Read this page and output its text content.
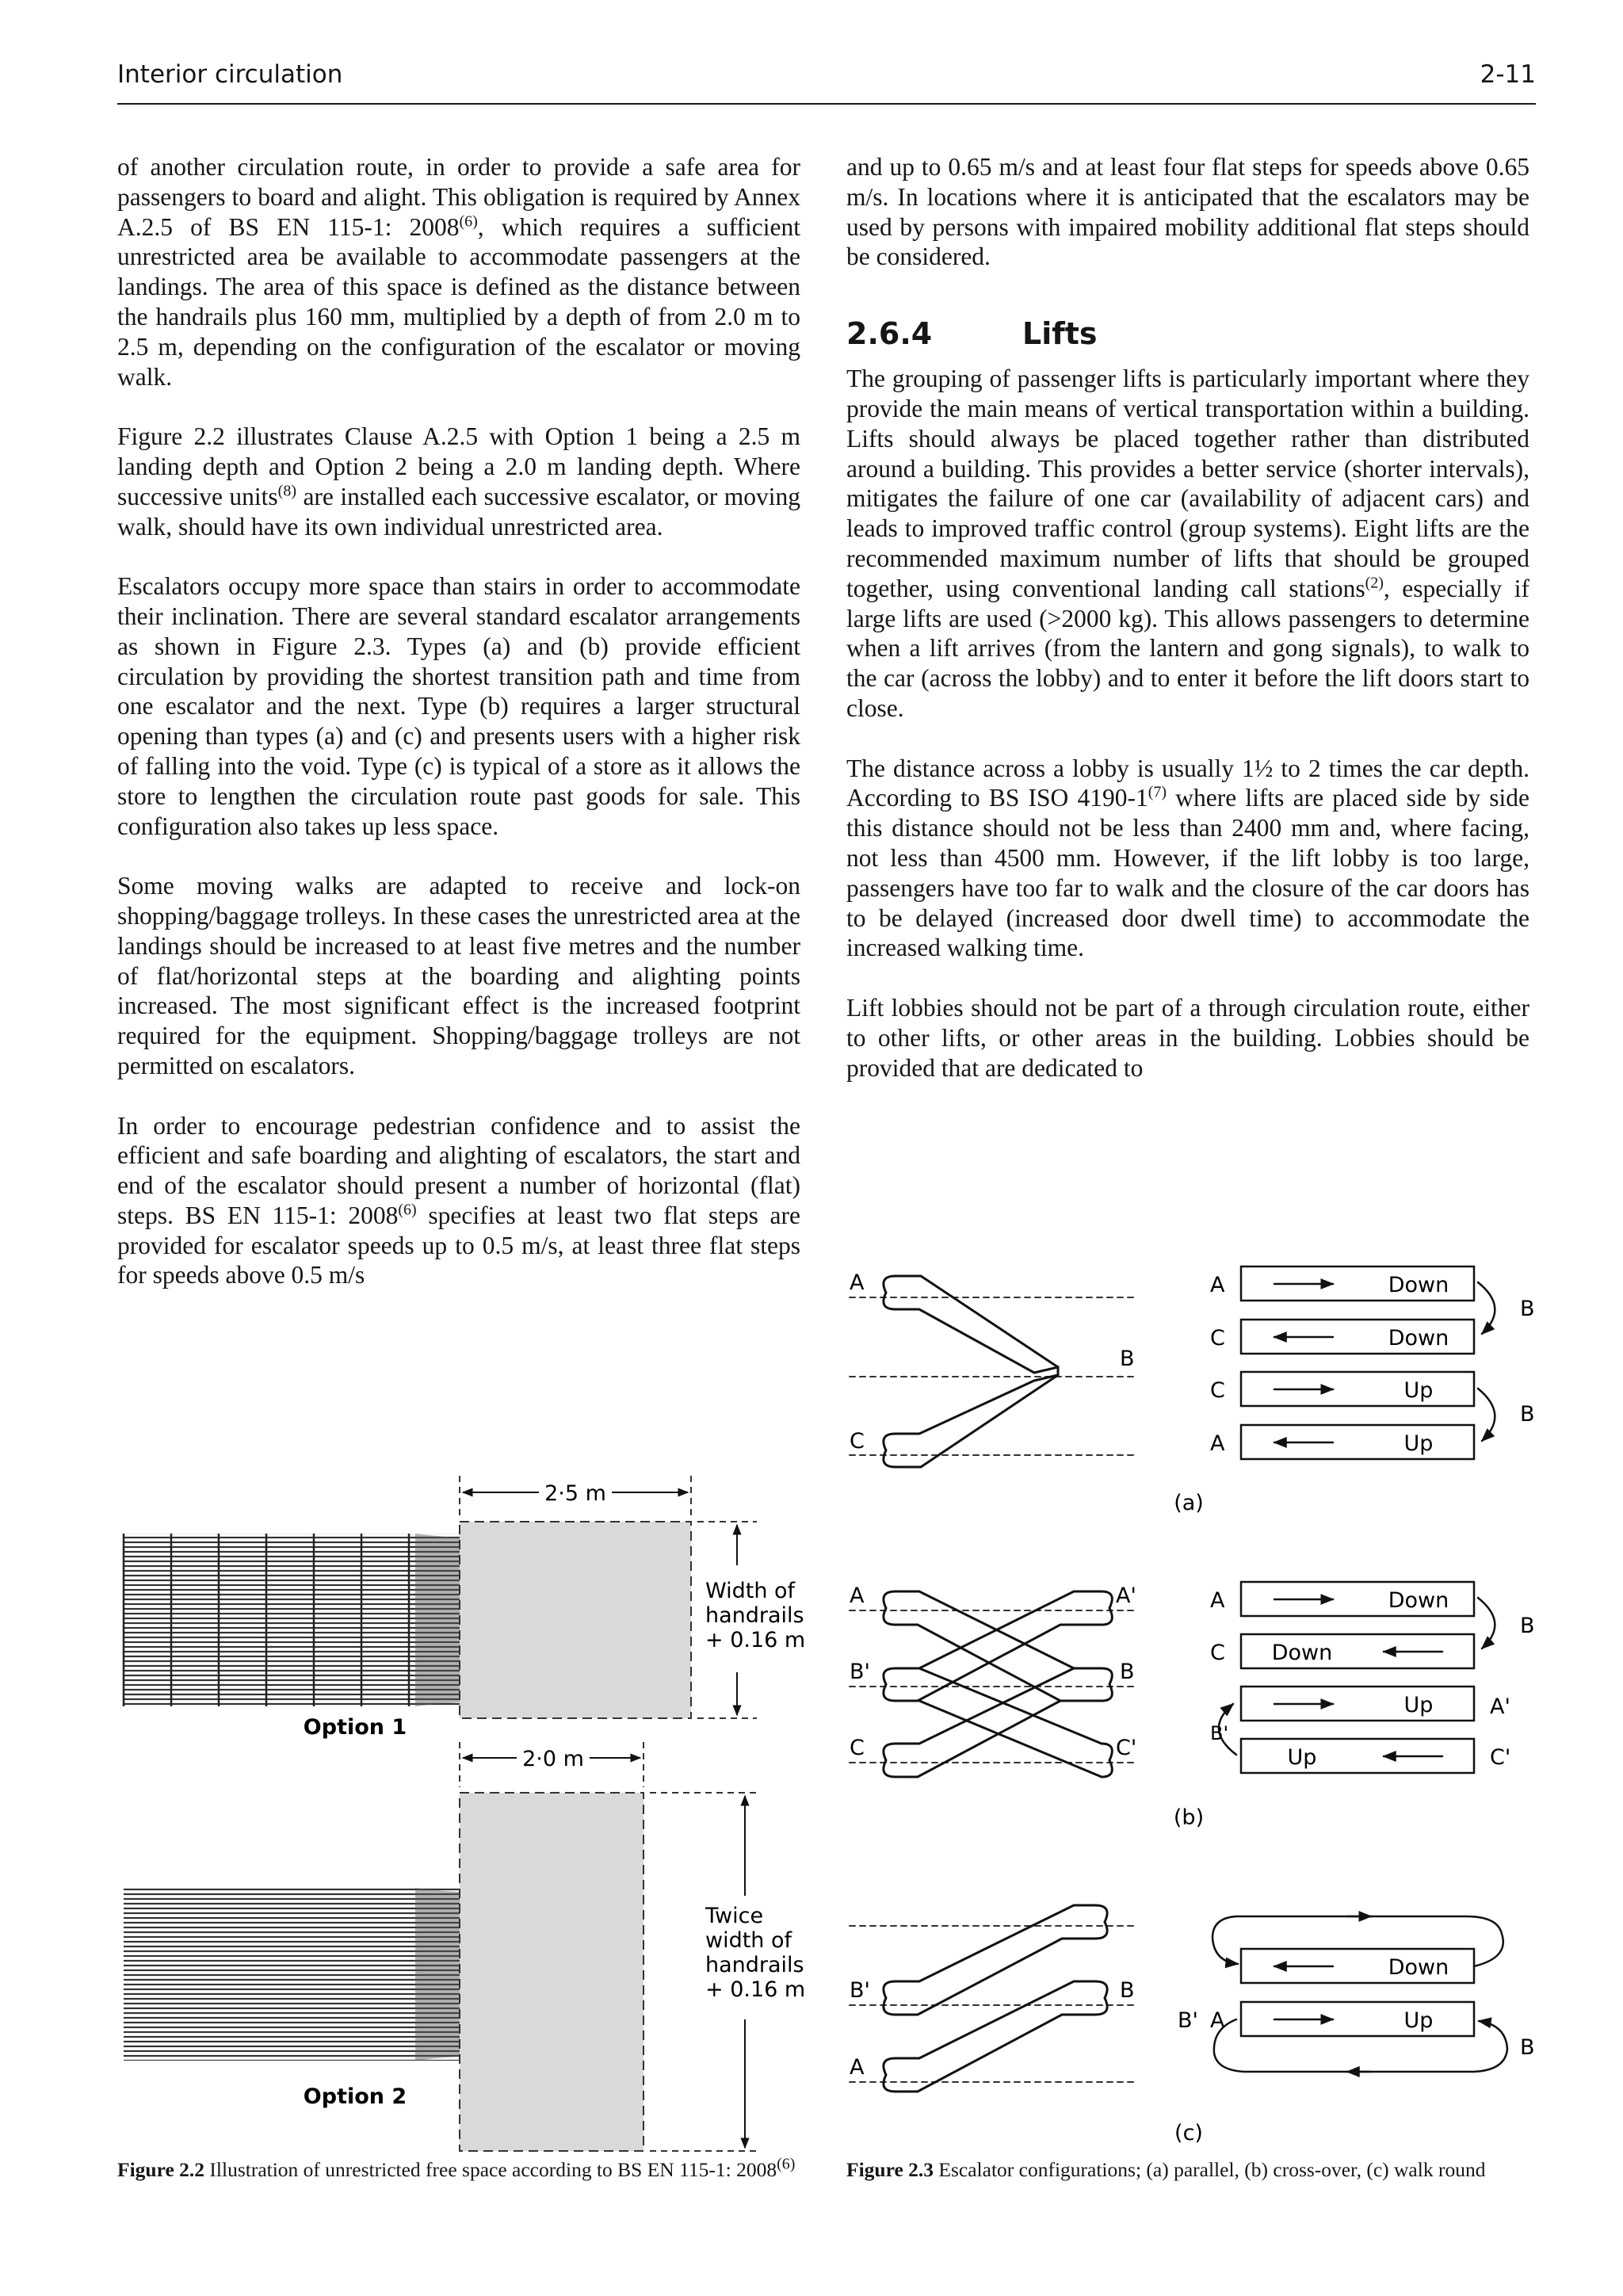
Interior circulation	2-11

of another circulation route, in order to provide a safe area for passengers to board and alight. This obligation is required by Annex A.2.5 of BS EN 115-1: 2008$^{(6)}$, which requires a sufficient unrestricted area be available to accommodate passengers at the landings. The area of this space is defined as the distance between the handrails plus 160 mm, multiplied by a depth of from 2.0 m to 2.5 m, depending on the configuration of the escalator or moving walk.

Figure 2.2 illustrates Clause A.2.5 with Option 1 being a 2.5 m landing depth and Option 2 being a 2.0 m landing depth. Where successive units$^{(8)}$ are installed each successive escalator, or moving walk, should have its own individual unrestricted area.

Escalators occupy more space than stairs in order to accommodate their inclination. There are several standard escalator arrangements as shown in Figure 2.3. Types (a) and (b) provide efficient circulation by providing the shortest transition path and time from one escalator and the next. Type (b) requires a larger structural opening than types (a) and (c) and presents users with a higher risk of falling into the void. Type (c) is typical of a store as it allows the store to lengthen the circulation route past goods for sale. This configuration also takes up less space.

Some moving walks are adapted to receive and lock-on shopping/baggage trolleys. In these cases the unrestricted area at the landings should be increased to at least five metres and the number of flat/horizontal steps at the boarding and alighting points increased. The most significant effect is the increased footprint required for the equipment. Shopping/baggage trolleys are not permitted on escalators.

In order to encourage pedestrian confidence and to assist the efficient and safe boarding and alighting of escalators, the start and end of the escalator should present a number of horizontal (flat) steps. BS EN 115-1: 2008$^{(6)}$ specifies at least two flat steps are provided for escalator speeds up to 0.5 m/s, at least three flat steps for speeds above 0.5 m/s

and up to 0.65 m/s and at least four flat steps for speeds above 0.65 m/s. In locations where it is anticipated that the escalators may be used by persons with impaired mobility additional flat steps should be considered.

2.6.4	Lifts

The grouping of passenger lifts is particularly important where they provide the main means of vertical transportation within a building. Lifts should always be placed together rather than distributed around a building. This provides a better service (shorter intervals), mitigates the failure of one car (availability of adjacent cars) and leads to improved traffic control (group systems). Eight lifts are the recommended maximum number of lifts that should be grouped together, using conventional landing call stations$^{(2)}$, especially if large lifts are used (>2000 kg). This allows passengers to determine when a lift arrives (from the lantern and gong signals), to walk to the car (across the lobby) and to enter it before the lift doors start to close.

The distance across a lobby is usually 1½ to 2 times the car depth. According to BS ISO 4190-1$^{(7)}$ where lifts are placed side by side this distance should not be less than 2400 mm and, where facing, not less than 4500 mm. However, if the lift lobby is too large, passengers have too far to walk and the closure of the car doors has to be delayed (increased door dwell time) to accommodate the increased walking time.

Lift lobbies should not be part of a through circulation route, either to other lifts, or other areas in the building. Lobbies should be provided that are dedicated to

2·5 m
Width of
handrails
+ 0.16 m
Option 1
2·0 m
Twice
width of
handrails
+ 0.16 m
Option 2
A
B
C
Down
Down
Up
Up
A
C
C
A
B
B
(a)
A	A'
B'	B
C	C'
Down
Down
Up
Up
A
C
B'
B
A'
C'
(b)
B'	B
A
Down
Up
B' A
B
(c)
Figure 2.2 Illustration of unrestricted free space according to BS EN 115-1: 2008$^{(6)}$	Figure 2.3 Escalator configurations; (a) parallel, (b) cross-over, (c) walk round
